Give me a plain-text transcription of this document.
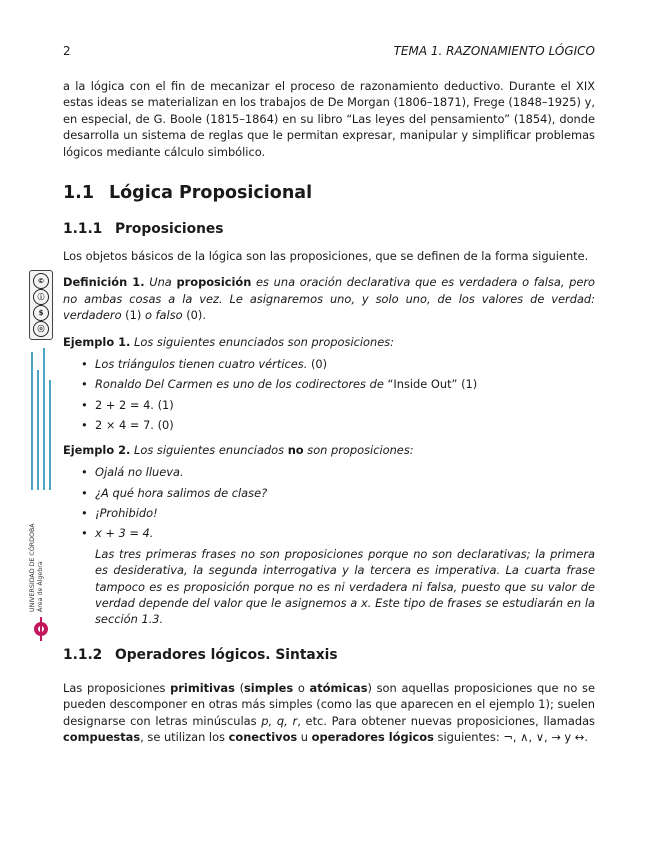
2	TEMA 1. RAZONAMIENTO LÓGICO
©
ⓘ
$
ⓞ
UNIVERSIDAD DE CÓRDOBA
Área de Álgebra

a la lógica con el fin de mecanizar el proceso de razonamiento deductivo. Durante el XIX estas ideas se materializan en los trabajos de De Morgan (1806–1871), Frege (1848–1925) y, en especial, de G. Boole (1815–1864) en su libro “Las leyes del pensamiento” (1854), donde desarrolla un sistema de reglas que le permitan expresar, manipular y simplificar problemas lógicos mediante cálculo simbólico.

1.1 Lógica Proposicional
1.1.1 Proposiciones

Los objetos básicos de la lógica son las proposiciones, que se definen de la forma siguiente.

Definición 1. Una proposición es una oración declarativa que es verdadera o falsa, pero no ambas cosas a la vez. Le asignaremos uno, y solo uno, de los valores de verdad: verdadero (1) o falso (0).

Ejemplo 1. Los siguientes enunciados son proposiciones:

• Los triángulos tienen cuatro vértices. (0)
• Ronaldo Del Carmen es uno de los codirectores de “Inside Out” (1)
• 2 + 2 = 4. (1)
• 2 × 4 = 7. (0)

Ejemplo 2. Los siguientes enunciados no son proposiciones:

• Ojalá no llueva.
• ¿A qué hora salimos de clase?
• ¡Prohibido!
• x + 3 = 4.

Las tres primeras frases no son proposiciones porque no son declarativas; la primera es desiderativa, la segunda interrogativa y la tercera es imperativa. La cuarta frase tampoco es es proposición porque no es ni verdadera ni falsa, puesto que su valor de verdad depende del valor que le asignemos a x. Este tipo de frases se estudiarán en la sección 1.3.

1.1.2 Operadores lógicos. Sintaxis

Las proposiciones primitivas (simples o atómicas) son aquellas proposiciones que no se pueden descomponer en otras más simples (como las que aparecen en el ejemplo 1); suelen designarse con letras minúsculas p, q, r, etc. Para obtener nuevas proposiciones, llamadas compuestas, se utilizan los conectivos u operadores lógicos siguientes: ¬, ∧, ∨, → y ↔.
